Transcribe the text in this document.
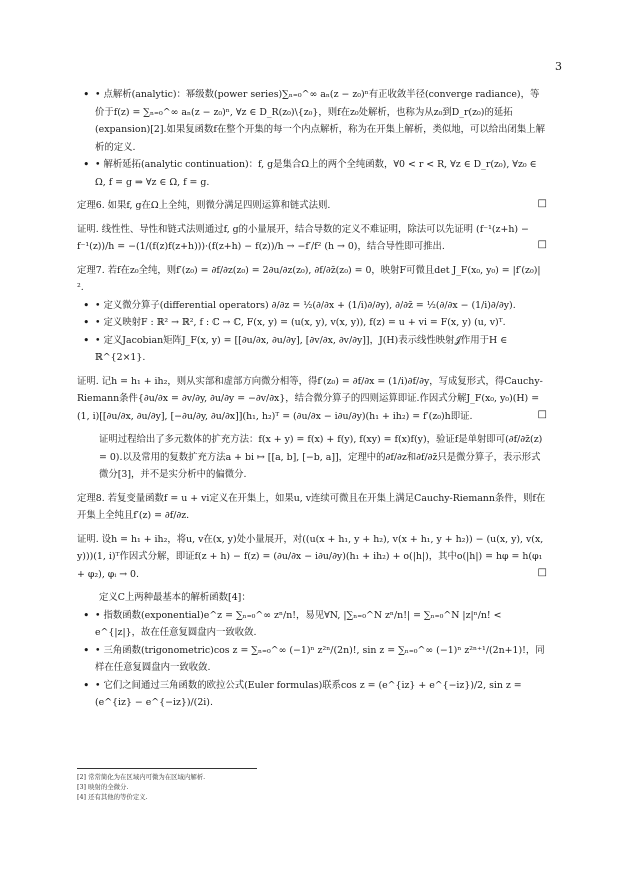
3
• • 点解析(analytic)：幂级数(power series)∑ₙ₌₀^∞ aₙ(z − z₀)ⁿ有正收敛半径(converge radiance)，等价于f(z) = ∑ₙ₌₀^∞ aₙ(z − z₀)ⁿ, ∀z ∈ D_R(z₀)\{z₀}，则f在z₀处解析，也称为从z₀到D_r(z₀)的延拓(expansion)[2].如果复函数f在整个开集的每一个内点解析，称为在开集上解析，类似地，可以给出闭集上解析的定义.
• • 解析延拓(analytic continuation)：f, g是集合Ω上的两个全纯函数，∀0 < r < R, ∀z ∈ D_r(z₀), ∀z₀ ∈ Ω, f = g ⇒ ∀z ∈ Ω, f = g.

定理6. 如果f, g在Ω上全纯，则微分满足四则运算和链式法则.	□

证明. 线性性、导性和链式法则通过f, g的小量展开，结合导数的定义不难证明，除法可以先证明 (f⁻¹(z+h) − f⁻¹(z))/h = −(1/(f(z)f(z+h)))·(f(z+h) − f(z))/h → −f′/f² (h → 0)，结合导性即可推出.	□

定理7. 若f在z₀全纯，则f′(z₀) = ∂f/∂z(z₀) = 2∂u/∂z(z₀), ∂f/∂z̄(z₀) = 0，映射F可微且det J_F(x₀, y₀) = |f′(z₀)|².

• • 定义微分算子(differential operators) ∂/∂z = ½(∂/∂x + (1/i)∂/∂y), ∂/∂z̄ = ½(∂/∂x − (1/i)∂/∂y).
• • 定义映射F : ℝ² → ℝ², f : ℂ → ℂ, F(x, y) = (u(x, y), v(x, y)), f(z) = u + vi = F(x, y) (u, v)ᵀ.
• • 定义Jacobian矩阵J_F(x, y) = [[∂u/∂x, ∂u/∂y], [∂v/∂x, ∂v/∂y]]，J(H)表示线性映射𝒥作用于H ∈ ℝ^{2×1}.

证明. 记h = h₁ + ih₂，则从实部和虚部方向微分相等，得f′(z₀) = ∂f/∂x = (1/i)∂f/∂y，写成复形式，得Cauchy-Riemann条件{∂u/∂x = ∂v/∂y, ∂u/∂y = −∂v/∂x}，结合微分算子的四则运算即证.作因式分解J_F(x₀, y₀)(H) = (1, i)[[∂u/∂x, ∂u/∂y], [−∂u/∂y, ∂u/∂x]](h₁, h₂)ᵀ = (∂u/∂x − i∂u/∂y)(h₁ + ih₂) = f′(z₀)h即证.	□

证明过程给出了多元数体的扩充方法：f(x + y) = f(x) + f(y), f(xy) = f(x)f(y)，验证f是单射即可(∂f/∂z̄(z) = 0).以及常用的复数扩充方法a + bi ↦ [[a, b], [−b, a]]，定理中的∂f/∂z和∂f/∂z̄只是微分算子，表示形式微分[3]，并不是实分析中的偏微分.

定理8. 若复变量函数f = u + vi定义在开集上，如果u, v连续可微且在开集上满足Cauchy-Riemann条件，则f在开集上全纯且f′(z) = ∂f/∂z.

证明. 设h = h₁ + ih₂，将u, v在(x, y)处小量展开，对((u(x + h₁, y + h₂), v(x + h₁, y + h₂)) − (u(x, y), v(x, y)))(1, i)ᵀ作因式分解，即证f(z + h) − f(z) = (∂u/∂x − i∂u/∂y)(h₁ + ih₂) + o(|h|)，其中o(|h|) = hφ = h(φ₁ + φ₂), φᵢ → 0.	□

定义C上两种最基本的解析函数[4]：

• • 指数函数(exponential)e^z = ∑ₙ₌₀^∞ zⁿ/n!，易见∀N, |∑ₙ₌₀^N zⁿ/n!| = ∑ₙ₌₀^N |z|ⁿ/n! < e^{|z|}，故在任意复圆盘内一致收敛.
• • 三角函数(trigonometric)cos z = ∑ₙ₌₀^∞ (−1)ⁿ z²ⁿ/(2n)!, sin z = ∑ₙ₌₀^∞ (−1)ⁿ z²ⁿ⁺¹/(2n+1)!，同样在任意复圆盘内一致收敛.
• • 它们之间通过三角函数的欧拉公式(Euler formulas)联系cos z = (e^{iz} + e^{−iz})/2, sin z = (e^{iz} − e^{−iz})/(2i).
[2] 常常简化为在区域内可微为在区域内解析.
[3] 映射的全微分.
[4] 还有其他的等价定义.
